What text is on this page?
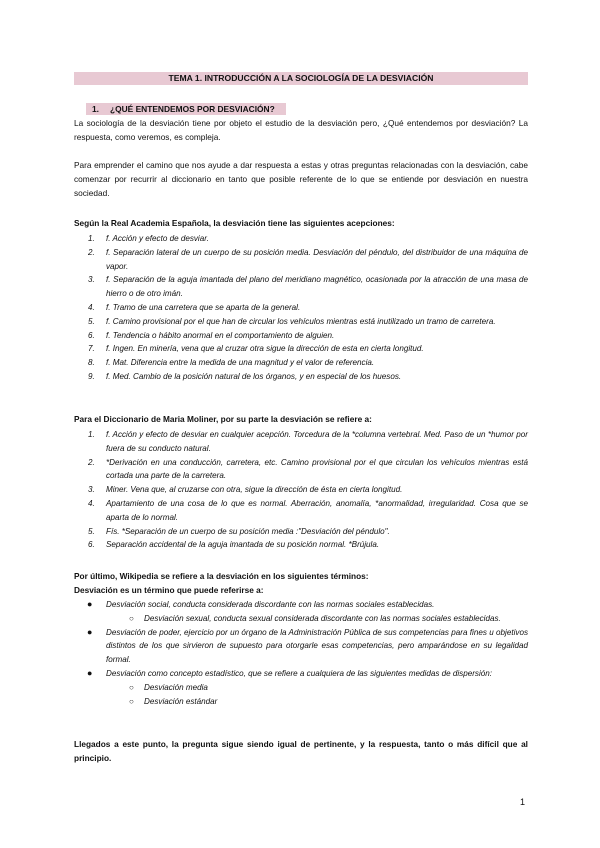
TEMA 1. INTRODUCCIÓN A LA SOCIOLOGÍA DE LA DESVIACIÓN
1. ¿QUÉ ENTENDEMOS POR DESVIACIÓN?

La sociología de la desviación tiene por objeto el estudio de la desviación pero, ¿Qué entendemos por desviación? La respuesta, como veremos, es compleja.

Para emprender el camino que nos ayude a dar respuesta a estas y otras preguntas relacionadas con la desviación, cabe comenzar por recurrir al diccionario en tanto que posible referente de lo que se entiende por desviación en nuestra sociedad.

Según la Real Academia Española, la desviación tiene las siguientes acepciones:

1. f. Acción y efecto de desviar.
2. f. Separación lateral de un cuerpo de su posición media. Desviación del péndulo, del distribuidor de una máquina de vapor.
3. f. Separación de la aguja imantada del plano del meridiano magnético, ocasionada por la atracción de una masa de hierro o de otro imán.
4. f. Tramo de una carretera que se aparta de la general.
5. f. Camino provisional por el que han de circular los vehículos mientras está inutilizado un tramo de carretera.
6. f. Tendencia o hábito anormal en el comportamiento de alguien.
7. f. Ingen. En minería, vena que al cruzar otra sigue la dirección de esta en cierta longitud.
8. f. Mat. Diferencia entre la medida de una magnitud y el valor de referencia.
9. f. Med. Cambio de la posición natural de los órganos, y en especial de los huesos.

Para el Diccionario de Maria Moliner, por su parte la desviación se refiere a:

1. f. Acción y efecto de desviar en cualquier acepción. Torcedura de la *columna vertebral. Med. Paso de un *humor por fuera de su conducto natural.
2. *Derivación en una conducción, carretera, etc. Camino provisional por el que circulan los vehículos mientras está cortada una parte de la carretera.
3. Miner. Vena que, al cruzarse con otra, sigue la dirección de ésta en cierta longitud.
4. Apartamiento de una cosa de lo que es normal. Aberración, anomalía, *anormalidad, irregularidad. Cosa que se aparta de lo normal.
5. Fís. *Separación de un cuerpo de su posición media :"Desviación del péndulo".
6. Separación accidental de la aguja imantada de su posición normal. *Brújula.

Por último, Wikipedia se refiere a la desviación en los siguientes términos:

Desviación es un término que puede referirse a:

● Desviación social, conducta considerada discordante con las normas sociales establecidas.
○ Desviación sexual, conducta sexual considerada discordante con las normas sociales establecidas.
● Desviación de poder, ejercicio por un órgano de la Administración Pública de sus competencias para fines u objetivos distintos de los que sirvieron de supuesto para otorgarle esas competencias, pero amparándose en su legalidad formal.
● Desviación como concepto estadístico, que se refiere a cualquiera de las siguientes medidas de dispersión:
○ Desviación media
○ Desviación estándar

Llegados a este punto, la pregunta sigue siendo igual de pertinente, y la respuesta, tanto o más difícil que al principio.

1
